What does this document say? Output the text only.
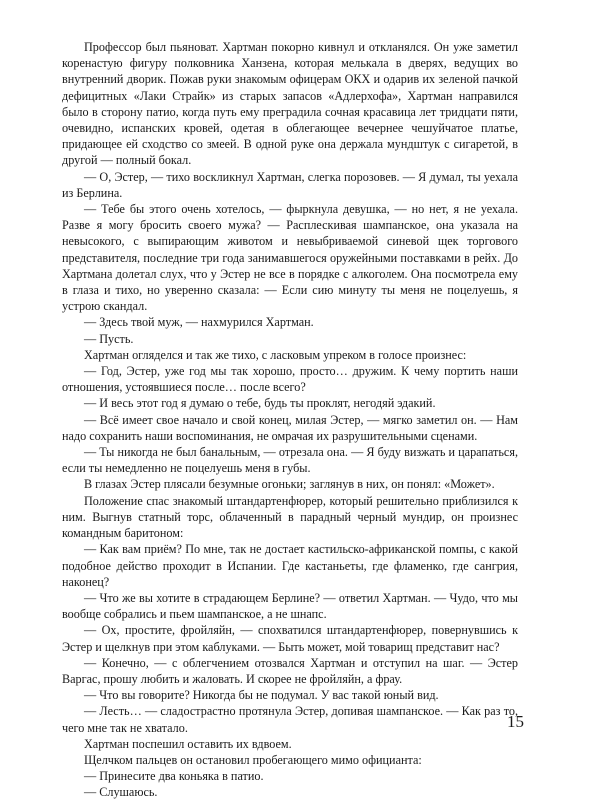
Профессор был пьяноват. Хартман покорно кивнул и откланялся. Он уже заметил коренастую фигуру полковника Ханзена, которая мелькала в дверях, ведущих во внутренний дворик. Пожав руки знакомым офицерам ОКХ и одарив их зеленой пачкой дефицитных «Лаки Страйк» из старых запасов «Адлерхофа», Хартман направился было в сторону патио, когда путь ему преградила сочная красавица лет тридцати пяти, очевидно, испанских кровей, одетая в облегающее вечернее чешуйчатое платье, придающее ей сходство со змеей. В одной руке она держала мундштук с сигаретой, в другой — полный бокал.

— О, Эстер, — тихо воскликнул Хартман, слегка порозовев. — Я думал, ты уехала из Берлина.

— Тебе бы этого очень хотелось, — фыркнула девушка, — но нет, я не уехала. Разве я могу бросить своего мужа? — Расплескивая шампанское, она указала на невысокого, с выпирающим животом и невыбриваемой синевой щек торгового представителя, последние три года занимавшегося оружейными поставками в рейх. До Хартмана долетал слух, что у Эстер не все в порядке с алкоголем. Она посмотрела ему в глаза и тихо, но уверенно сказала: — Если сию минуту ты меня не поцелуешь, я устрою скандал.

— Здесь твой муж, — нахмурился Хартман.

— Пусть.

Хартман огляделся и так же тихо, с ласковым упреком в голосе произнес:

— Год, Эстер, уже год мы так хорошо, просто… дружим. К чему портить наши отношения, устоявшиеся после… после всего?

— И весь этот год я думаю о тебе, будь ты проклят, негодяй эдакий.

— Всё имеет свое начало и свой конец, милая Эстер, — мягко заметил он. — Нам надо сохранить наши воспоминания, не омрачая их разрушительными сценами.

— Ты никогда не был банальным, — отрезала она. — Я буду визжать и царапаться, если ты немедленно не поцелуешь меня в губы.

В глазах Эстер плясали безумные огоньки; заглянув в них, он понял: «Может».

Положение спас знакомый штандартенфюрер, который решительно приблизился к ним. Выгнув статный торс, облаченный в парадный черный мундир, он произнес командным баритоном:

— Как вам приём? По мне, так не достает кастильско-африканской помпы, с какой подобное действо проходит в Испании. Где кастаньеты, где фламенко, где сангрия, наконец?

— Что же вы хотите в страдающем Берлине? — ответил Хартман. — Чудо, что мы вообще собрались и пьем шампанское, а не шнапс.

— Ох, простите, фройляйн, — спохватился штандартенфюрер, повернувшись к Эстер и щелкнув при этом каблуками. — Быть может, мой товарищ представит нас?

— Конечно, — с облегчением отозвался Хартман и отступил на шаг. — Эстер Варгас, прошу любить и жаловать. И скорее не фройляйн, а фрау.

— Что вы говорите? Никогда бы не подумал. У вас такой юный вид.

— Лесть… — сладострастно протянула Эстер, допивая шампанское. — Как раз то, чего мне так не хватало.

Хартман поспешил оставить их вдвоем.

Щелчком пальцев он остановил пробегающего мимо официанта:

— Принесите два коньяка в патио.

— Слушаюсь.

15
